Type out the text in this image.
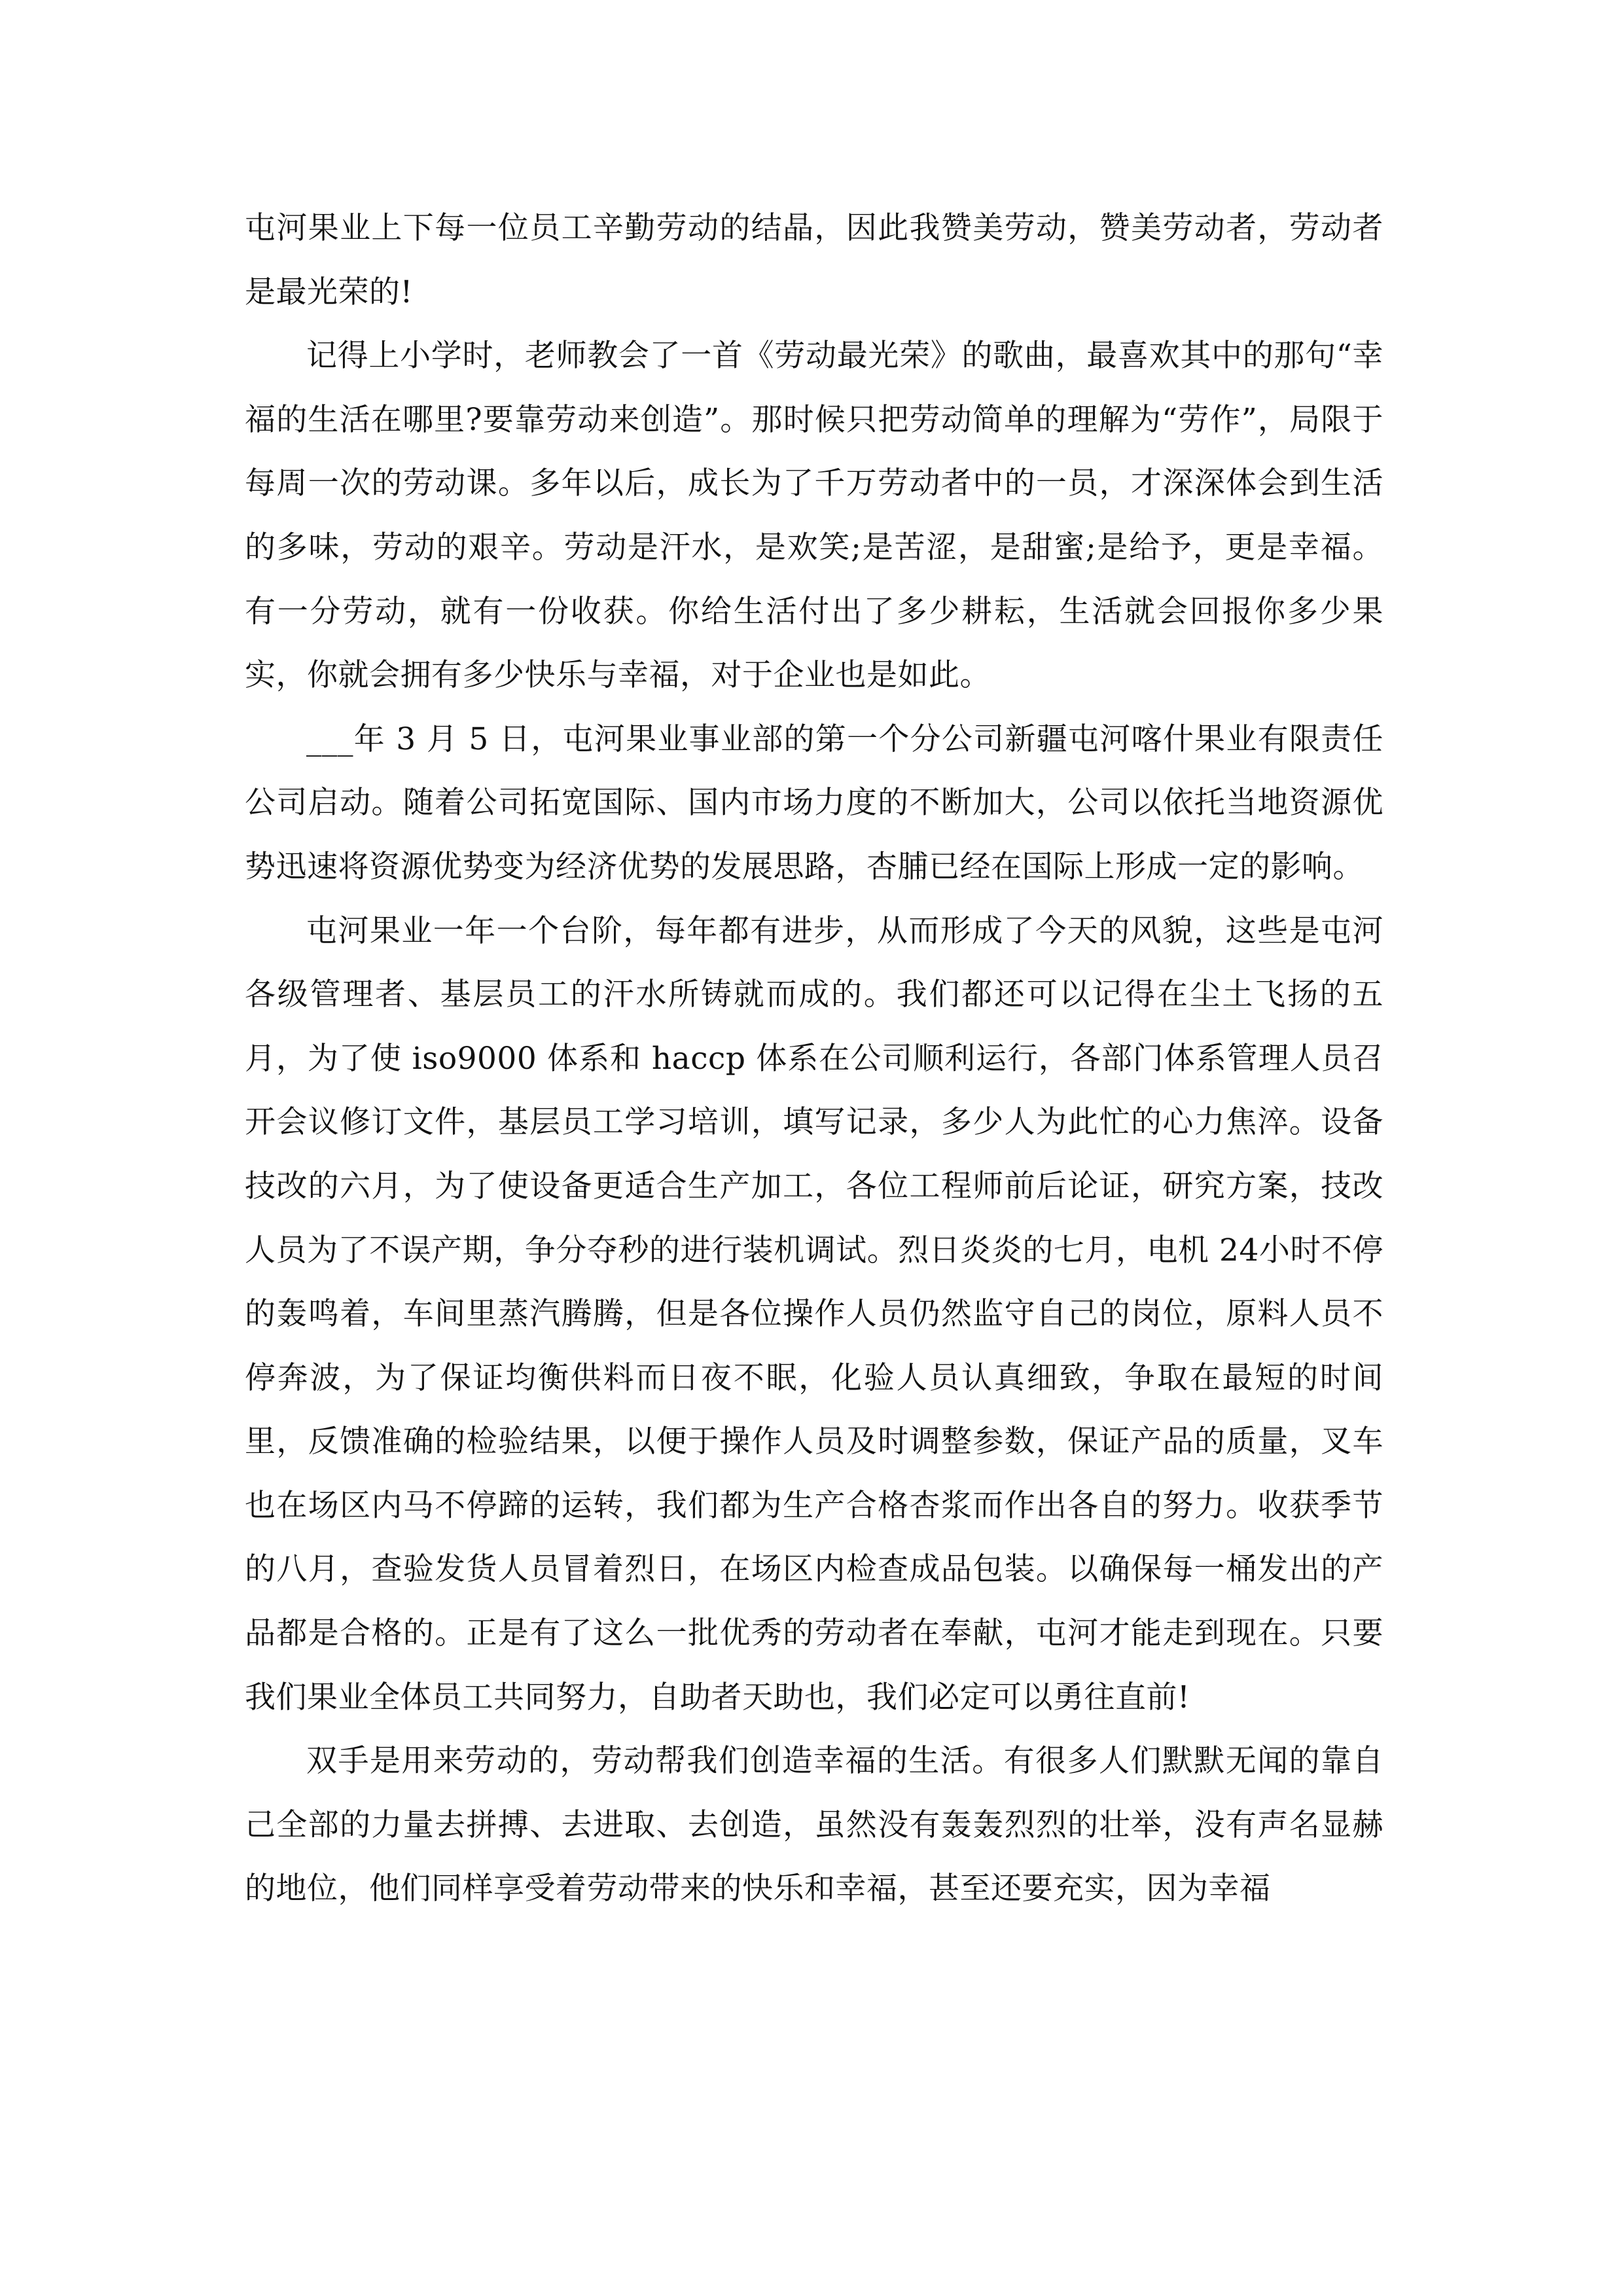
屯河果业上下每一位员工辛勤劳动的结晶，因此我赞美劳动，赞美劳动者，劳动者是最光荣的!

记得上小学时，老师教会了一首《劳动最光荣》的歌曲，最喜欢其中的那句“幸福的生活在哪里?要靠劳动来创造”。那时候只把劳动简单的理解为“劳作”，局限于每周一次的劳动课。多年以后，成长为了千万劳动者中的一员，才深深体会到生活的多味，劳动的艰辛。劳动是汗水，是欢笑;是苦涩，是甜蜜;是给予，更是幸福。有一分劳动，就有一份收获。你给生活付出了多少耕耘，生活就会回报你多少果实，你就会拥有多少快乐与幸福，对于企业也是如此。

___年 3 月 5 日，屯河果业事业部的第一个分公司新疆屯河喀什果业有限责任公司启动。随着公司拓宽国际、国内市场力度的不断加大，公司以依托当地资源优势迅速将资源优势变为经济优势的发展思路，杏脯已经在国际上形成一定的影响。

屯河果业一年一个台阶，每年都有进步，从而形成了今天的风貌，这些是屯河各级管理者、基层员工的汗水所铸就而成的。我们都还可以记得在尘土飞扬的五月，为了使 iso9000 体系和 haccp 体系在公司顺利运行，各部门体系管理人员召开会议修订文件，基层员工学习培训，填写记录，多少人为此忙的心力焦淬。设备技改的六月，为了使设备更适合生产加工，各位工程师前后论证，研究方案，技改人员为了不误产期，争分夺秒的进行装机调试。烈日炎炎的七月，电机 24小时不停的轰鸣着，车间里蒸汽腾腾，但是各位操作人员仍然监守自己的岗位，原料人员不停奔波，为了保证均衡供料而日夜不眠，化验人员认真细致，争取在最短的时间里，反馈准确的检验结果，以便于操作人员及时调整参数，保证产品的质量，叉车也在场区内马不停蹄的运转，我们都为生产合格杏浆而作出各自的努力。收获季节的八月，查验发货人员冒着烈日，在场区内检查成品包装。以确保每一桶发出的产品都是合格的。正是有了这么一批优秀的劳动者在奉献，屯河才能走到现在。只要我们果业全体员工共同努力，自助者天助也，我们必定可以勇往直前!

双手是用来劳动的，劳动帮我们创造幸福的生活。有很多人们默默无闻的靠自己全部的力量去拼搏、去进取、去创造，虽然没有轰轰烈烈的壮举，没有声名显赫的地位，他们同样享受着劳动带来的快乐和幸福，甚至还要充实，因为幸福
